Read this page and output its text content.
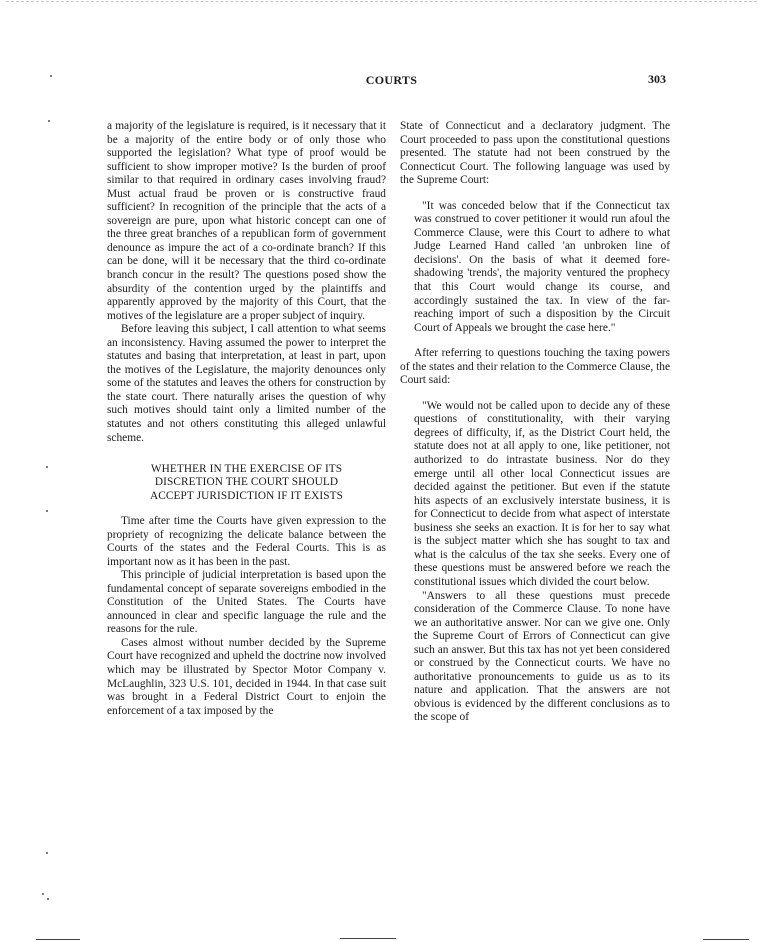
COURTS	303

a majority of the legislature is required, is it necessary that it be a majority of the entire body or of only those who supported the legislation? What type of proof would be sufficient to show improper motive? Is the burden of proof similar to that required in ordinary cases involving fraud? Must actual fraud be proven or is constructive fraud sufficient? In recognition of the principle that the acts of a sovereign are pure, upon what historic concept can one of the three great branches of a republican form of government denounce as impure the act of a co-ordinate branch? If this can be done, will it be necessary that the third co-ordinate branch concur in the result? The questions posed show the absurdity of the contention urged by the plaintiffs and apparently approved by the majority of this Court, that the motives of the legislature are a proper subject of inquiry.

Before leaving this subject, I call attention to what seems an inconsistency. Having assumed the power to interpret the statutes and basing that interpretation, at least in part, upon the motives of the Legislature, the majority denounces only some of the statutes and leaves the others for construction by the state court. There naturally arises the question of why such motives should taint only a limited number of the statutes and not others constituting this alleged unlawful scheme.

WHETHER IN THE EXERCISE OF ITS

DISCRETION THE COURT SHOULD

ACCEPT JURISDICTION IF IT EXISTS

Time after time the Courts have given expression to the propriety of recognizing the delicate balance between the Courts of the states and the Federal Courts. This is as important now as it has been in the past.

This principle of judicial interpretation is based upon the fundamental concept of separate sovereigns embodied in the Constitution of the United States. The Courts have announced in clear and specific language the rule and the reasons for the rule.

Cases almost without number decided by the Supreme Court have recognized and upheld the doctrine now involved which may be illustrated by Spector Motor Company v. McLaughlin, 323 U.S. 101, decided in 1944. In that case suit was brought in a Federal District Court to enjoin the enforcement of a tax imposed by the

State of Connecticut and a declaratory judgment. The Court proceeded to pass upon the constitutional questions presented. The statute had not been construed by the Connecticut Court. The following language was used by the Supreme Court:

"It was conceded below that if the Connecticut tax was construed to cover petitioner it would run afoul the Commerce Clause, were this Court to adhere to what Judge Learned Hand called 'an unbroken line of decisions'. On the basis of what it deemed fore-shadowing 'trends', the majority ventured the prophecy that this Court would change its course, and accordingly sustained the tax. In view of the far-reaching import of such a disposition by the Circuit Court of Appeals we brought the case here."

After referring to questions touching the taxing powers of the states and their relation to the Commerce Clause, the Court said:

"We would not be called upon to decide any of these questions of constitutionality, with their varying degrees of difficulty, if, as the District Court held, the statute does not at all apply to one, like petitioner, not authorized to do intrastate business. Nor do they emerge until all other local Connecticut issues are decided against the petitioner. But even if the statute hits aspects of an exclusively interstate business, it is for Connecticut to decide from what aspect of interstate business she seeks an exaction. It is for her to say what is the subject matter which she has sought to tax and what is the calculus of the tax she seeks. Every one of these questions must be answered before we reach the constitutional issues which divided the court below.

"Answers to all these questions must precede consideration of the Commerce Clause. To none have we an authoritative answer. Nor can we give one. Only the Supreme Court of Errors of Connecticut can give such an answer. But this tax has not yet been considered or construed by the Connecticut courts. We have no authoritative pronouncements to guide us as to its nature and application. That the answers are not obvious is evidenced by the different conclusions as to the scope of
